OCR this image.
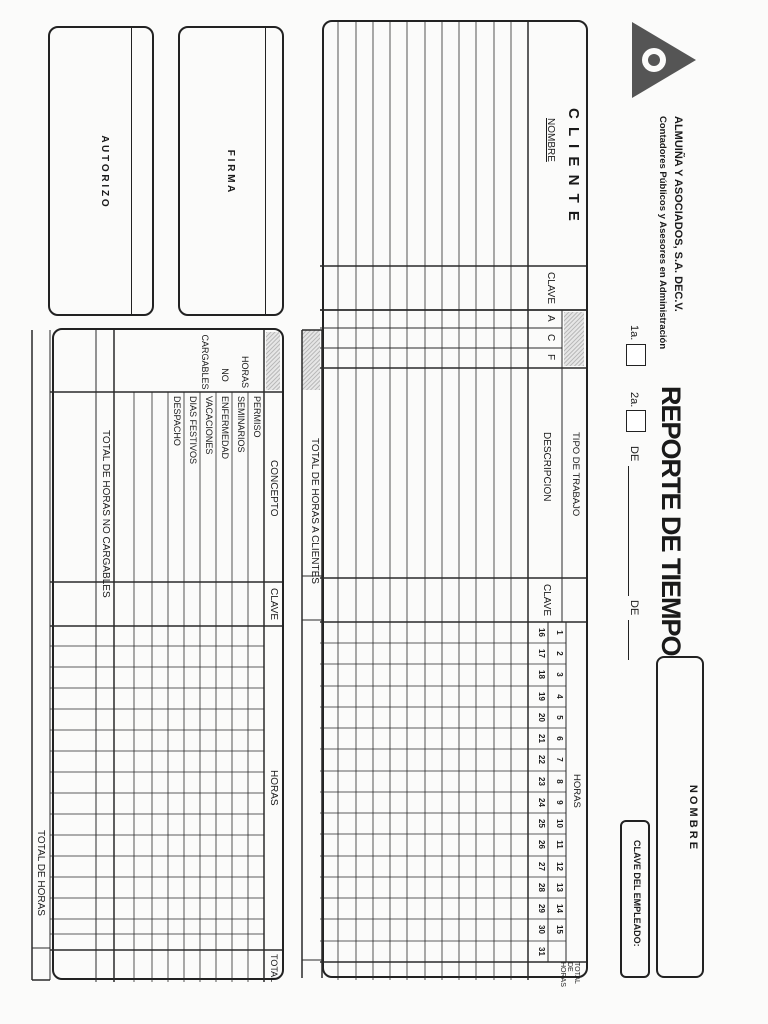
ALMUIÑA Y ASOCIADOS, S.A. DEC.V.
Contadores Públicos y Asesores en Administración
REPORTE DE TIEMPO
1a.
2a.
DE
DE
N O M B R E
CLAVE DEL EMPLEADO:
C L I E N T E
NOMBRE
CLAVE
TIPO DE TRABAJO
A
C
F
DESCRIPCION
CLAVE
HORAS
1
2
3
4
5
6
7
8
9
10
11
12
13
14
15
16
17
18
19
20
21
22
23
24
25
26
27
28
29
30
31
TOTAL
DE
HORAS
TOTAL DE HORAS A CLIENTES
F I R M A
A U T O R I Z O
CONCEPTO
CLAVE
HORAS
TOTAL
PERMISO
SEMINARIOS
ENFERMEDAD
VACACIONES
DIAS FESTIVOS
DESPACHO
HORAS
NO
CARGABLES
TOTAL DE HORAS NO CARGABLES
TOTAL DE HORAS
